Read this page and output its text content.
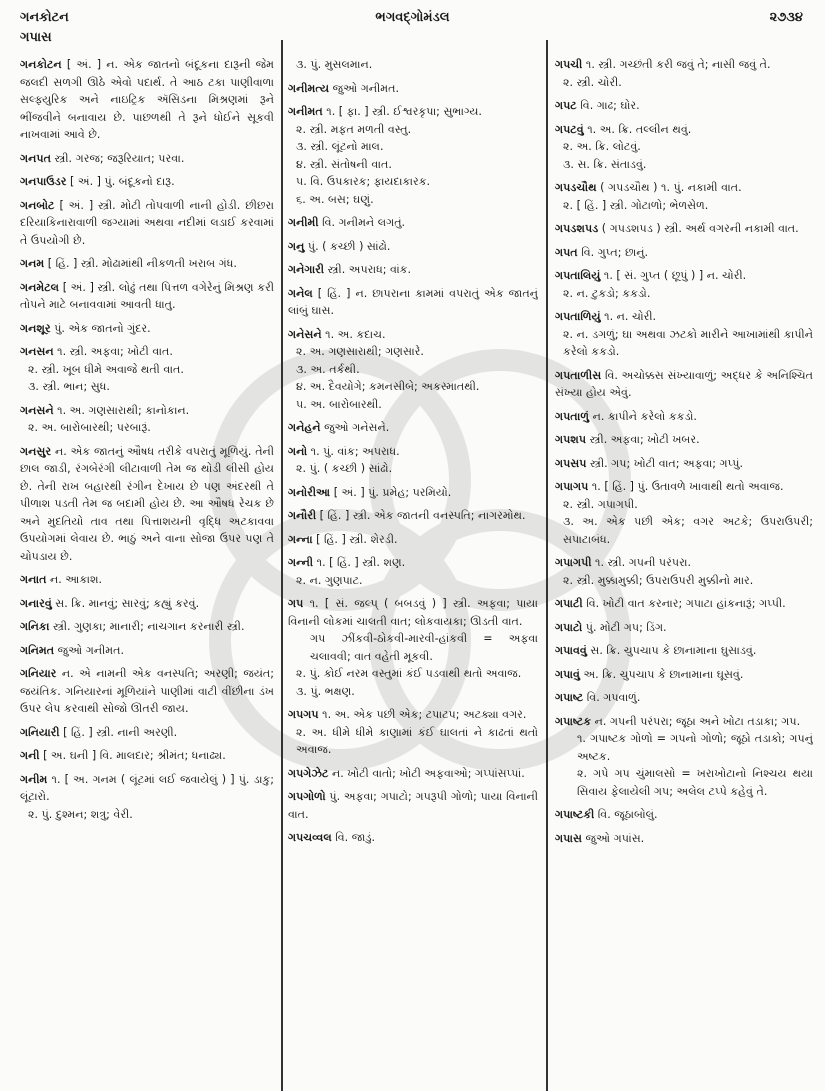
ગનકોટન
ગપાસ
ભગવદ્ગોમંડલ	૨૭૩૪
ગનકોટન [ અં. ] ન. એક જાતનો બંદૂકના દારૂની જેમ જલદી સળગી ઊઠે એવો પદાર્થ. તે આઠ ટકા પાણીવાળા સલ્ફ્યુરિક અને નાઇટ્રિક ઍસિડના મિશ્રણમાં રૂને ભીંજવીને બનાવાય છે. પાછળથી તે રૂને ધોઈને સૂકવી નાખવામાં આવે છે.
ગનપત સ્ત્રી. ગરજ; જરૂરિયાત; પરવા.
ગનપાઉડર [ અં. ] પું. બંદૂકનો દારૂ.
ગનબોટ [ અં. ] સ્ત્રી. મોટી તોપવાળી નાની હોડી. છીછરા દરિયાકિનારાવાળી જગ્યામાં અથવા નદીમાં લડાઈ કરવામાં તે ઉપયોગી છે.
ગનમ [ હિં. ] સ્ત્રી. મોઢામાંથી નીકળતી ખરાબ ગંધ.
ગનમેટલ [ અં. ] સ્ત્રી. લોઢું તથા પિત્તળ વગેરેનું મિશ્રણ કરી તોપને માટે બનાવવામાં આવતી ધાતુ.
ગનશૂર પું. એક જાતનો ગુંદર.
ગનસન ૧. સ્ત્રી. અફવા; ખોટી વાત.
૨. સ્ત્રી. ખૂબ ધીમે અવાજે થતી વાત.
૩. સ્ત્રી. ભાન; સુધ.
ગનસને ૧. અ. ગણસારાથી; કાનોકાન.
૨. અ. બારોબારથી; પરબારૂં.
ગનસુર ન. એક જાતનું ઔષધ તરીકે વપરાતું મૂળિયું. તેની છાલ જાડી, રંગબેરંગી લીટાવાળી તેમ જ થોડી લીસી હોય છે. તેની રાખ બહારથી રંગીન દેખાય છે પણ અંદરથી તે પીળાશ પડતી તેમ જ બદામી હોય છે. આ ઔષધ રેચક છે અને મુદતિયો તાવ તથા પિત્તાશયની વૃદ્ધિ અટકાવવા ઉપયોગમાં લેવાય છે. ભાઠું અને વાના સોજા ઉપર પણ તે ચોપડાય છે.
ગનાત ન. આકાશ.
ગનારવું સ. ક્રિ. માનવું; સારવું; કહ્યું કરવું.
ગનિકા સ્ત્રી. ગુણકા; માનારી; નાચગાન કરનારી સ્ત્રી.
ગનિમત જુઓ ગનીમત.
ગનિયાર ન. એ નામની એક વનસ્પતિ; અરણી; જયંત; જયંતિક. ગનિયારનાં મૂળિયાંને પાણીમાં વાટી વીંછીના ડંખ ઉપર લેપ કરવાથી સોજો ઊતરી જાય.
ગનિયારી [ હિં. ] સ્ત્રી. નાની અરણી.
ગની [ અ. ઘની ] વિ. માલદાર; શ્રીમંત; ધનાઢ્ય.
ગનીમ ૧. [ અ. ગનમ ( લૂંટમાં લઈ જવાયેલું ) ] પું. ડાકુ; લૂંટારો.
૨. પું. દુશ્મન; શત્રુ; વેરી.
૩. પું. મુસલમાન.
ગનીમત્ય જુઓ ગનીમત.
ગનીમત ૧. [ ફા. ] સ્ત્રી. ઈશ્વરકૃપા; સુભાગ્ય.
૨. સ્ત્રી. મફત મળતી વસ્તુ.
૩. સ્ત્રી. લૂંટનો માલ.
૪. સ્ત્રી. સંતોષની વાત.
૫. વિ. ઉપકારક; ફાયદાકારક.
૬. અ. બસ; ઘણું.
ગનીમી વિ. ગનીમને લગતું.
ગનુ પું. ( કચ્છી ) સાંઢો.
ગનેગારી સ્ત્રી. અપરાધ; વાંક.
ગનેલ [ હિં. ] ન. છાપરાના કામમાં વપરાતું એક જાતનું લાંબું ઘાસ.
ગનેસને ૧. અ. કદાચ.
૨. અ. ગણસારાથી; ગણસારે.
૩. અ. તર્કથી.
૪. અ. દૈવયોગે; કમનસીબે; અકસ્માતથી.
૫. અ. બારોબારથી.
ગનેહને જુઓ ગનેસને.
ગનો ૧. પું. વાંક; અપરાધ.
૨. પું. ( કચ્છી ) સાંઢો.
ગનોરીઆ [ અં. ] પું. પ્રમેહ; પરમિયો.
ગનૌરી [ હિં. ] સ્ત્રી. એક જાતની વનસ્પતિ; નાગરમોથ.
ગન્ના [ હિં. ] સ્ત્રી. શેરડી.
ગન્ની ૧. [ હિં. ] સ્ત્રી. શણ.
૨. ન. ગુણપાટ.
ગપ ૧. [ સં. જલ્પ્ ( બબડવું ) ] સ્ત્રી. અફવા; પાયા વિનાની લોકમાં ચાલતી વાત; લોકવાયકા; ઊડતી વાત.
ગપ ઝીંકવી-ઠોકવી-મારવી-હાંકવી = અફવા ચલાવવી; વાત વહેતી મૂકવી.
૨. પું. કોઈ નરમ વસ્તુમાં કંઈ પડવાથી થતો અવાજ.
૩. પું. ભક્ષણ.
ગપગપ ૧. અ. એક પછી એક; ટપાટપ; અટક્યા વગર.
૨. અ. ધીમે ધીમે કાણામાં કંઈ ઘાલતાં ને કાઢતાં થતો અવાજ.
ગપગેઝેટ ન. ખોટી વાતો; ખોટી અફવાઓ; ગપ્પાંસપ્પાં.
ગપગોળો પું. અફવા; ગપાટો; ગપરૂપી ગોળો; પાયા વિનાની વાત.
ગપચવ્વલ વિ. જાડું.
ગપચી ૧. સ્ત્રી. ગચ્છંતી કરી જવું તે; નાસી જવું તે.
૨. સ્ત્રી. ચોરી.
ગપટ વિ. ગાઢ; ઘોર.
ગપટવું ૧. અ. ક્રિ. તલ્લીન થવું.
૨. અ. ક્રિ. લોટવું.
૩. સ. ક્રિ. સંતાડવું.
ગપડચૌથ ( ગપડચૌથ ) ૧. પું. નકામી વાત.
૨. [ હિં. ] સ્ત્રી. ગોટાળો; ભેળસેળ.
ગપડશપડ ( ગપડશપડ ) સ્ત્રી. અર્થ વગરની નકામી વાત.
ગપત વિ. ગુપ્ત; છાનું.
ગપતાલિયું ૧. [ સં. ગુપ્ત ( છૂપું ) ] ન. ચોરી.
૨. ન. ટુકડો; કકડો.
ગપતાળિયું ૧. ન. ચોરી.
૨. ન. ડગળું; ઘા અથવા ઝટકો મારીને આખામાંથી કાપીને કરેલો કકડો.
ગપતાળીસ વિ. અચોક્કસ સંખ્યાવાળું; અદ્ધર કે અનિશ્ચિત સંખ્યા હોય એવું.
ગપતાળું ન. કાપીને કરેલો કકડો.
ગપશપ સ્ત્રી. અફવા; ખોટી ખબર.
ગપસપ સ્ત્રી. ગપ; ખોટી વાત; અફવા; ગપ્પું.
ગપાગપ ૧. [ હિં. ] પું. ઉતાવળે ખાવાથી થતો અવાજ.
૨. સ્ત્રી. ગપાગપી.
૩. અ. એક પછી એક; વગર અટકે; ઉપરાઉપરી; સપાટાબંધ.
ગપાગપી ૧. સ્ત્રી. ગપની પરંપરા.
૨. સ્ત્રી. મુક્કામુક્કી; ઉપરાઉપરી મુક્કીનો માર.
ગપાટી વિ. ખોટી વાત કરનાર; ગપાટા હાંકનારૂં; ગપ્પી.
ગપાટો પું. મોટી ગપ; ડિંગ.
ગપાવવું સ. ક્રિ. ચુપચાપ કે છાનામાના ઘુસાડવું.
ગપાવું અ. ક્રિ. ચુપચાપ કે છાનામાના ઘૂસવું.
ગપાષ્ટ વિ. ગપવાળું.
ગપાષ્ટક ન. ગપની પરંપરા; જૂઠા અને ખોટા તડાકા; ગપ.
૧. ગપાષ્ટક ગોળો = ગપનો ગોળો; જૂઠો તડાકો; ગપનું અષ્ટક.
૨. ગપે ગપ ચુંમાલસો = ખરાખોટાનો નિશ્ચય થયા સિવાય ફેલાયેલી ગપ; અલેલ ટપ્પે કહેવું તે.
ગપાષ્ટકી વિ. જૂઠાબોલું.
ગપાસ જુઓ ગપાંસ.
